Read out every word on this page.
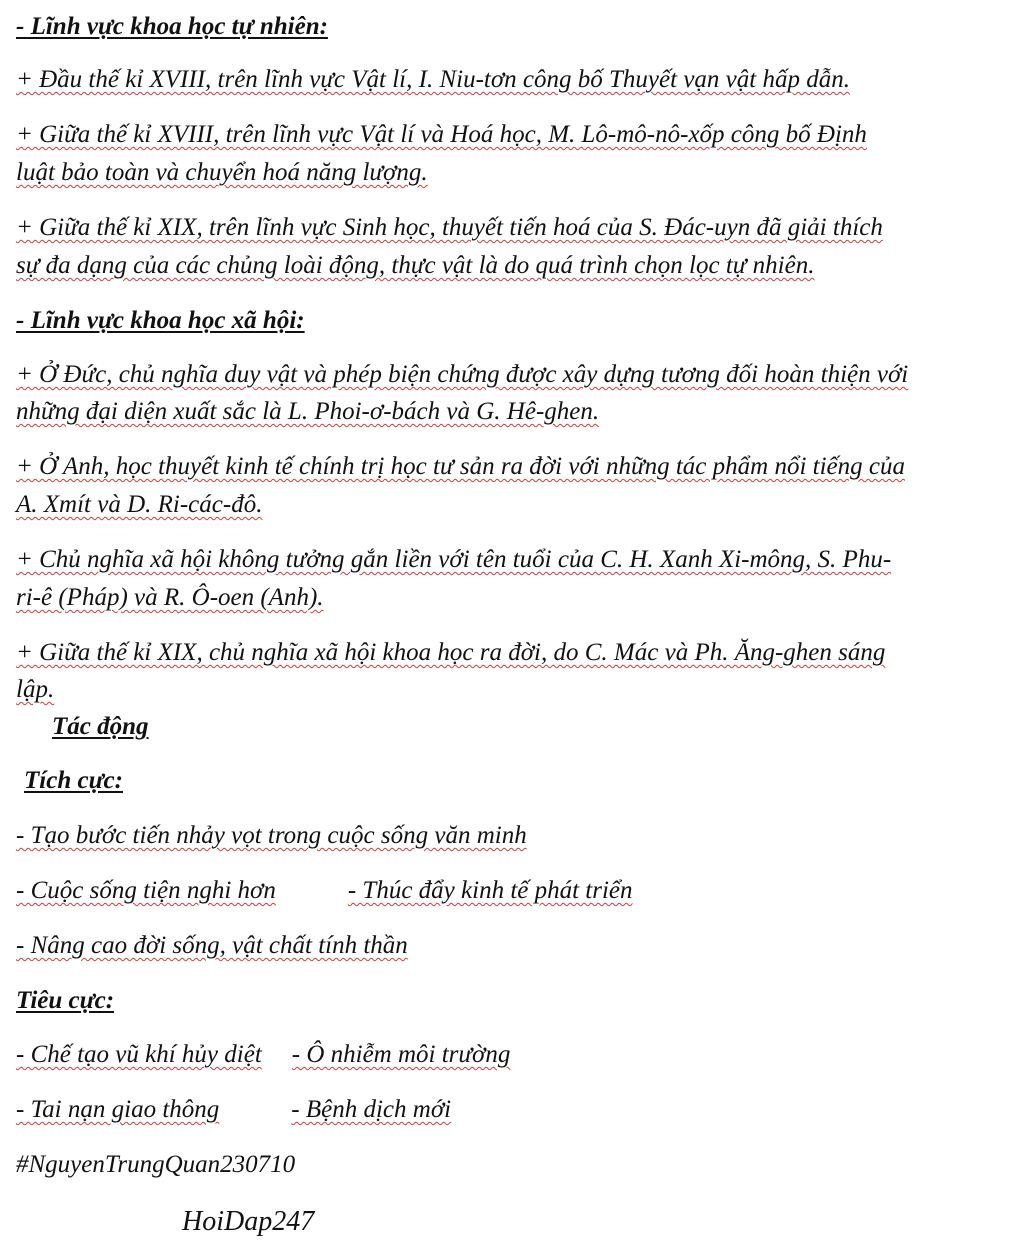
- Lĩnh vực khoa học tự nhiên:
+ Đầu thế kỉ XVIII, trên lĩnh vực Vật lí, I. Niu-tơn công bố Thuyết vạn vật hấp dẫn.
+ Giữa thế kỉ XVIII, trên lĩnh vực Vật lí và Hoá học, M. Lô-mô-nô-xốp công bố Định
luật bảo toàn và chuyển hoá năng lượng.
+ Giữa thế kỉ XIX, trên lĩnh vực Sinh học, thuyết tiến hoá của S. Đác-uyn đã giải thích
sự đa dạng của các chủng loài động, thực vật là do quá trình chọn lọc tự nhiên.
- Lĩnh vực khoa học xã hội:
+ Ở Đức, chủ nghĩa duy vật và phép biện chứng được xây dựng tương đối hoàn thiện với
những đại diện xuất sắc là L. Phoi-ơ-bách và G. Hê-ghen.
+ Ở Anh, học thuyết kinh tế chính trị học tư sản ra đời với những tác phẩm nổi tiếng của
A. Xmít và D. Ri-các-đô.
+ Chủ nghĩa xã hội không tưởng gắn liền với tên tuổi của C. H. Xanh Xi-mông, S. Phu-
ri-ê (Pháp) và R. Ô-oen (Anh).
+ Giữa thế kỉ XIX, chủ nghĩa xã hội khoa học ra đời, do C. Mác và Ph. Ăng-ghen sáng
lập.
Tác động
Tích cực:
- Tạo bước tiến nhảy vọt trong cuộc sống văn minh
- Cuộc sống tiện nghi hơn	- Thúc đẩy kinh tế phát triển
- Nâng cao đời sống, vật chất tính thần
Tiêu cực:
- Chế tạo vũ khí hủy diệt - Ô nhiễm môi trường
- Tai nạn giao thông	- Bệnh dịch mới
#NguyenTrungQuan230710
HoiDap247
